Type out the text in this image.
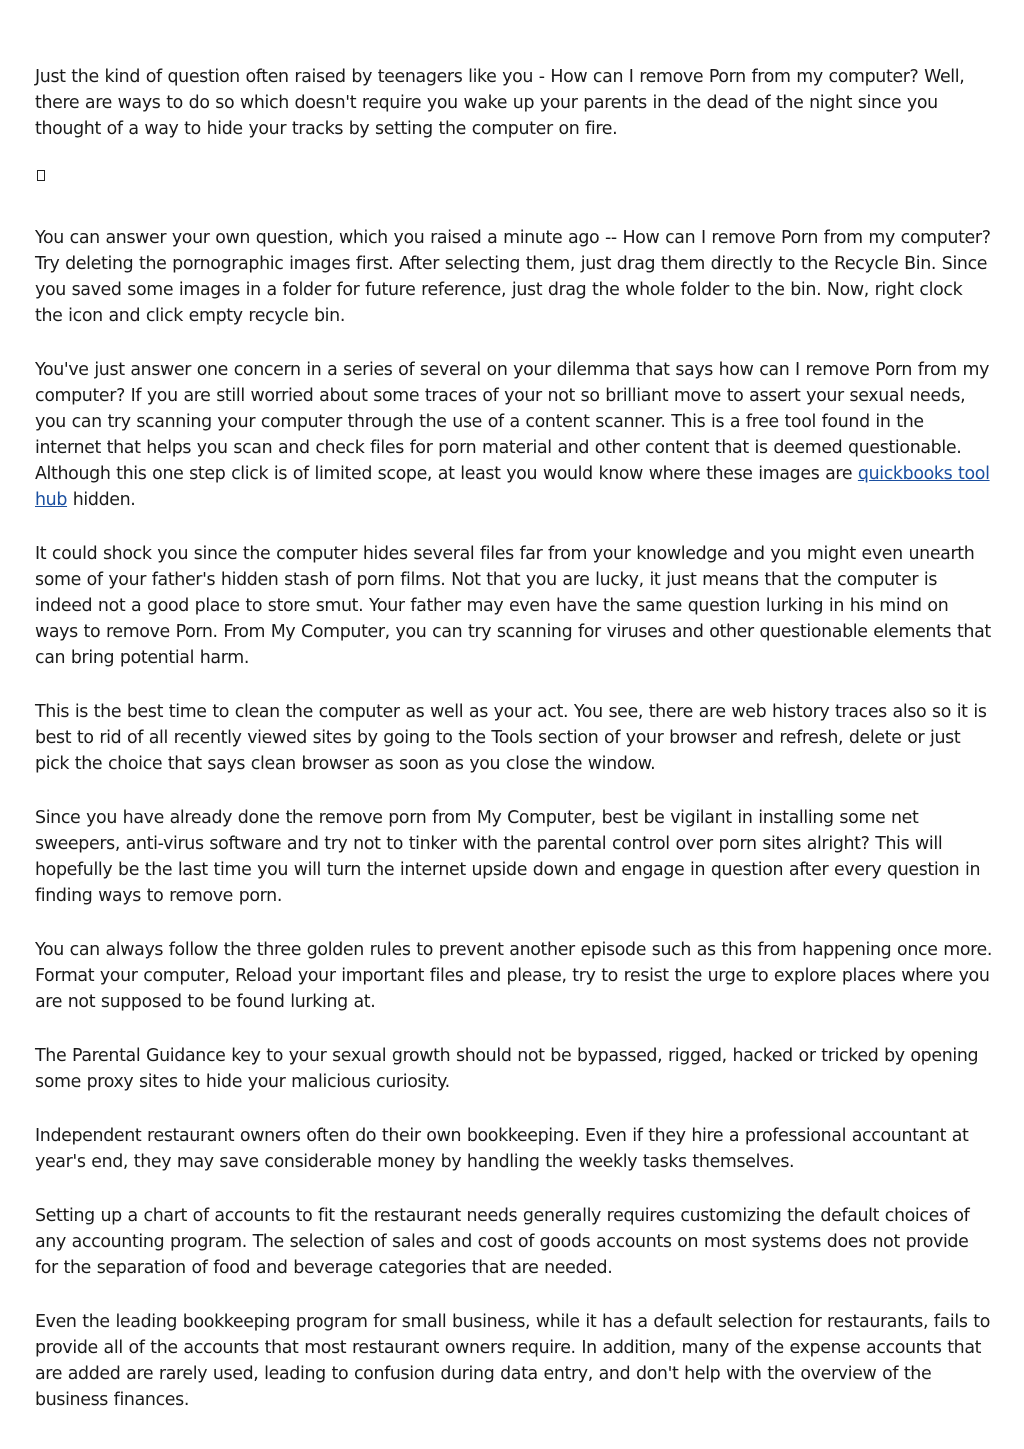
Just the kind of question often raised by teenagers like you - How can I remove Porn from my computer? Well, there are ways to do so which doesn't require you wake up your parents in the dead of the night since you thought of a way to hide your tracks by setting the computer on fire.

You can answer your own question, which you raised a minute ago -- How can I remove Porn from my computer? Try deleting the pornographic images first. After selecting them, just drag them directly to the Recycle Bin. Since you saved some images in a folder for future reference, just drag the whole folder to the bin. Now, right clock the icon and click empty recycle bin.

You've just answer one concern in a series of several on your dilemma that says how can I remove Porn from my computer? If you are still worried about some traces of your not so brilliant move to assert your sexual needs, you can try scanning your computer through the use of a content scanner. This is a free tool found in the internet that helps you scan and check files for porn material and other content that is deemed questionable. Although this one step click is of limited scope, at least you would know where these images are quickbooks tool hub hidden.

It could shock you since the computer hides several files far from your knowledge and you might even unearth some of your father's hidden stash of porn films. Not that you are lucky, it just means that the computer is indeed not a good place to store smut. Your father may even have the same question lurking in his mind on ways to remove Porn. From My Computer, you can try scanning for viruses and other questionable elements that can bring potential harm.

This is the best time to clean the computer as well as your act. You see, there are web history traces also so it is best to rid of all recently viewed sites by going to the Tools section of your browser and refresh, delete or just pick the choice that says clean browser as soon as you close the window.

Since you have already done the remove porn from My Computer, best be vigilant in installing some net sweepers, anti-virus software and try not to tinker with the parental control over porn sites alright? This will hopefully be the last time you will turn the internet upside down and engage in question after every question in finding ways to remove porn.

You can always follow the three golden rules to prevent another episode such as this from happening once more. Format your computer, Reload your important files and please, try to resist the urge to explore places where you are not supposed to be found lurking at.

The Parental Guidance key to your sexual growth should not be bypassed, rigged, hacked or tricked by opening some proxy sites to hide your malicious curiosity.

Independent restaurant owners often do their own bookkeeping. Even if they hire a professional accountant at year's end, they may save considerable money by handling the weekly tasks themselves.

Setting up a chart of accounts to fit the restaurant needs generally requires customizing the default choices of any accounting program. The selection of sales and cost of goods accounts on most systems does not provide for the separation of food and beverage categories that are needed.

Even the leading bookkeeping program for small business, while it has a default selection for restaurants, fails to provide all of the accounts that most restaurant owners require. In addition, many of the expense accounts that are added are rarely used, leading to confusion during data entry, and don't help with the overview of the business finances.
